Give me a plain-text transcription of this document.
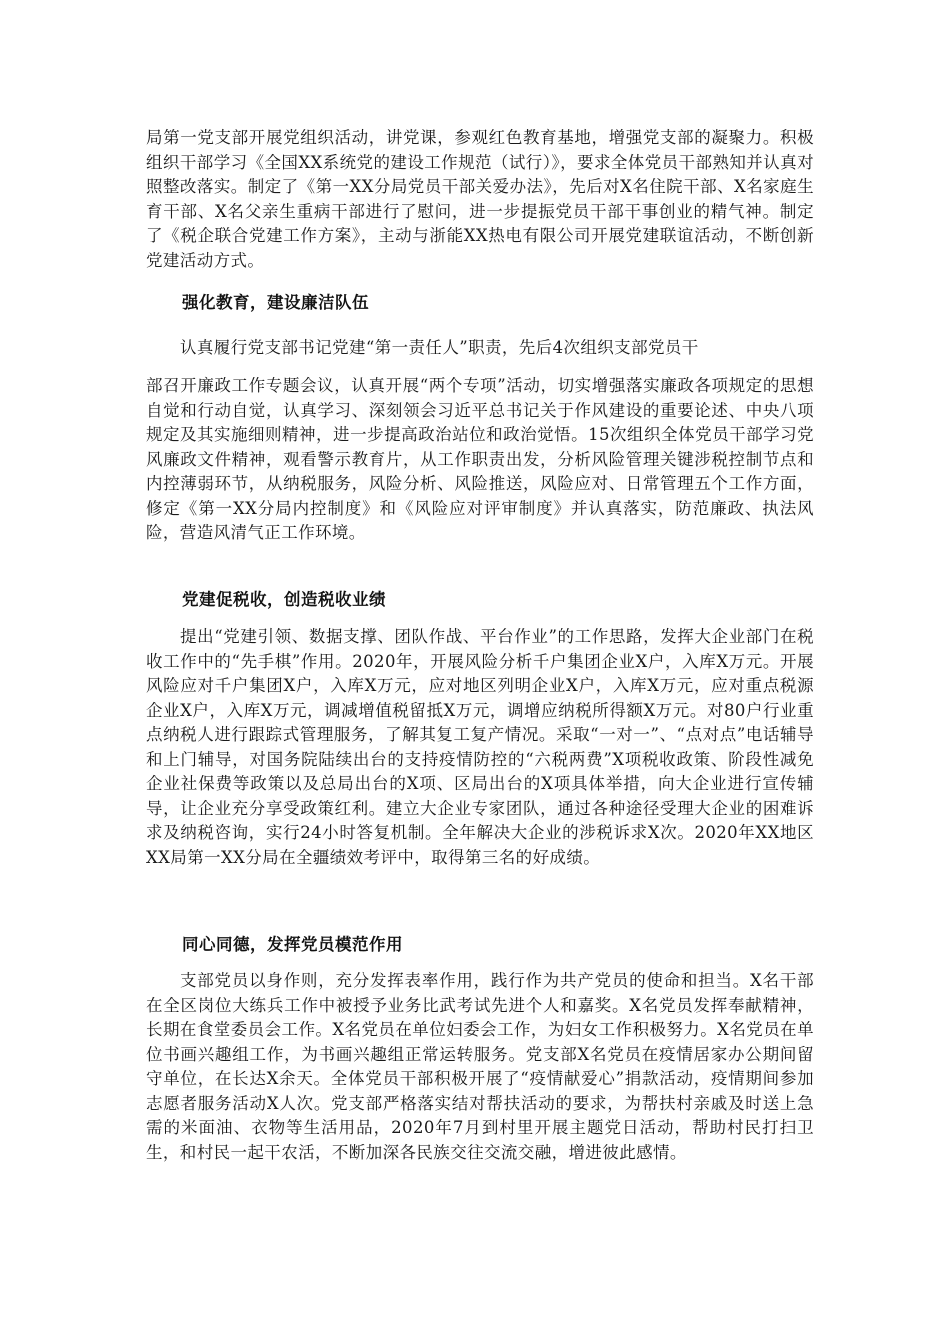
局第一党支部开展党组织活动，讲党课，参观红色教育基地，增强党支部的凝聚力。积极组织干部学习《全国XX系统党的建设工作规范（试行）》，要求全体党员干部熟知并认真对照整改落实。制定了《第一XX分局党员干部关爱办法》，先后对X名住院干部、X名家庭生育干部、X名父亲生重病干部进行了慰问，进一步提振党员干部干事创业的精气神。制定了《税企联合党建工作方案》，主动与浙能XX热电有限公司开展党建联谊活动，不断创新党建活动方式。

强化教育，建设廉洁队伍

认真履行党支部书记党建“第一责任人”职责，先后4次组织支部党员干

部召开廉政工作专题会议，认真开展“两个专项”活动，切实增强落实廉政各项规定的思想自觉和行动自觉，认真学习、深刻领会习近平总书记关于作风建设的重要论述、中央八项规定及其实施细则精神，进一步提高政治站位和政治觉悟。15次组织全体党员干部学习党风廉政文件精神，观看警示教育片，从工作职责出发，分析风险管理关键涉税控制节点和内控薄弱环节，从纳税服务，风险分析、风险推送，风险应对、日常管理五个工作方面，修定《第一XX分局内控制度》和《风险应对评审制度》并认真落实，防范廉政、执法风险，营造风清气正工作环境。

党建促税收，创造税收业绩

提出“党建引领、数据支撑、团队作战、平台作业”的工作思路，发挥大企业部门在税收工作中的“先手棋”作用。2020年，开展风险分析千户集团企业X户，入库X万元。开展风险应对千户集团X户，入库X万元，应对地区列明企业X户，入库X万元，应对重点税源企业X户，入库X万元，调减增值税留抵X万元，调增应纳税所得额X万元。对80户行业重点纳税人进行跟踪式管理服务，了解其复工复产情况。采取“一对一”、“点对点”电话辅导和上门辅导，对国务院陆续出台的支持疫情防控的“六税两费”X项税收政策、阶段性减免企业社保费等政策以及总局出台的X项、区局出台的X项具体举措，向大企业进行宣传辅导，让企业充分享受政策红利。建立大企业专家团队，通过各种途径受理大企业的困难诉求及纳税咨询，实行24小时答复机制。全年解决大企业的涉税诉求X次。2020年XX地区XX局第一XX分局在全疆绩效考评中，取得第三名的好成绩。

同心同德，发挥党员模范作用

支部党员以身作则，充分发挥表率作用，践行作为共产党员的使命和担当。X名干部在全区岗位大练兵工作中被授予业务比武考试先进个人和嘉奖。X名党员发挥奉献精神，长期在食堂委员会工作。X名党员在单位妇委会工作，为妇女工作积极努力。X名党员在单位书画兴趣组工作，为书画兴趣组正常运转服务。党支部X名党员在疫情居家办公期间留守单位，在长达X余天。全体党员干部积极开展了“疫情献爱心”捐款活动，疫情期间参加志愿者服务活动X人次。党支部严格落实结对帮扶活动的要求，为帮扶村亲戚及时送上急需的米面油、衣物等生活用品，2020年7月到村里开展主题党日活动，帮助村民打扫卫生，和村民一起干农活，不断加深各民族交往交流交融，增进彼此感情。
